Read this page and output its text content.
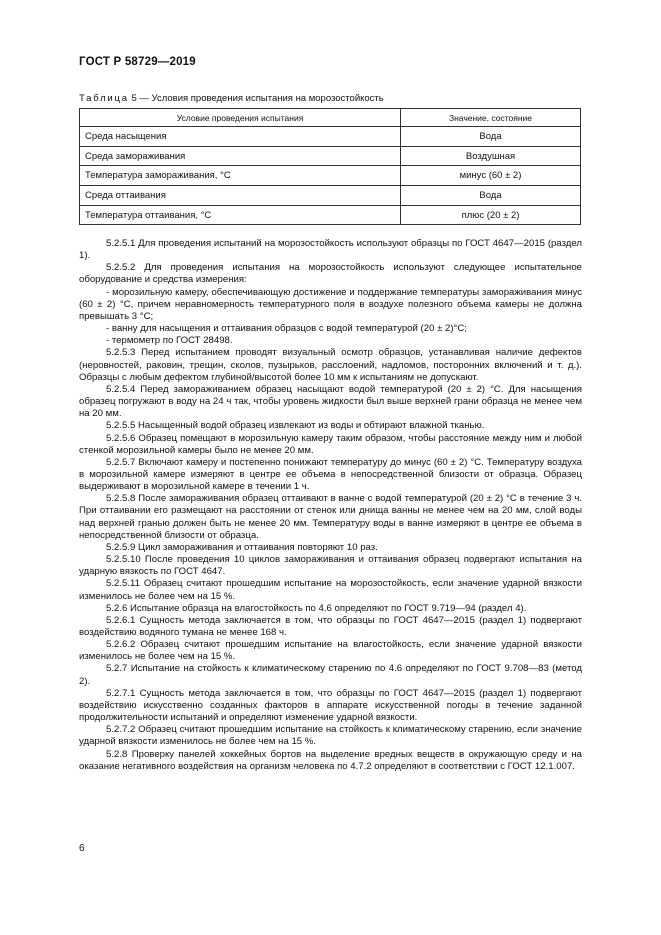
ГОСТ Р 58729—2019
Таблица 5 — Условия проведения испытания на морозостойкость
Условие проведения испытания	Значение, состояние
Среда насыщения	Вода
Среда замораживания	Воздушная
Температура замораживания, °С	минус (60 ± 2)
Среда оттаивания	Вода
Температура оттаивания, °С	плюс (20 ± 2)

5.2.5.1 Для проведения испытаний на морозостойкость используют образцы по ГОСТ 4647—2015 (раздел 1).

5.2.5.2 Для проведения испытания на морозостойкость используют следующее испытательное оборудование и средства измерения:

- морозильную камеру, обеспечивающую достижение и поддержание температуры замораживания минус (60 ± 2) °С, причем неравномерность температурного поля в воздухе полезного объема камеры не должна превышать 3 °С;

- ванну для насыщения и оттаивания образцов с водой температурой (20 ± 2)°С;

- термометр по ГОСТ 28498.

5.2.5.3 Перед испытанием проводят визуальный осмотр образцов, устанавливая наличие дефектов (неровностей, раковин, трещин, сколов, пузырьков, расслоений, надломов, посторонних включений и т. д.). Образцы с любым дефектом глубиной/высотой более 10 мм к испытаниям не допускают.

5.2.5.4 Перед замораживанием образец насыщают водой температурой (20 ± 2) °С. Для насыщения образец погружают в воду на 24 ч так, чтобы уровень жидкости был выше верхней грани образца не менее чем на 20 мм.

5.2.5.5 Насыщенный водой образец извлекают из воды и обтирают влажной тканью.

5.2.5.6 Образец помещают в морозильную камеру таким образом, чтобы расстояние между ним и любой стенкой морозильной камеры было не менее 20 мм.

5.2.5.7 Включают камеру и постепенно понижают температуру до минус (60 ± 2) °С. Температуру воздуха в морозильной камере измеряют в центре ее объема в непосредственной близости от образца. Образец выдерживают в морозильной камере в течении 1 ч.

5.2.5.8 После замораживания образец оттаивают в ванне с водой температурой (20 ± 2) °С в течение 3 ч. При оттаивании его размещают на расстоянии от стенок или днища ванны не менее чем на 20 мм, слой воды над верхней гранью должен быть не менее 20 мм. Температуру воды в ванне измеряют в центре ее объема в непосредственной близости от образца.

5.2.5.9 Цикл замораживания и оттаивания повторяют 10 раз.

5.2.5.10 После проведения 10 циклов замораживания и оттаивания образец подвергают испытания на ударную вязкость по ГОСТ 4647.

5.2.5.11 Образец считают прошедшим испытание на морозостойкость, если значение ударной вязкости изменилось не более чем на 15 %.

5.2.6 Испытание образца на влагостойкость по 4.6 определяют по ГОСТ 9.719—94 (раздел 4).

5.2.6.1 Сущность метода заключается в том, что образцы по ГОСТ 4647—2015 (раздел 1) подвергают воздействию водяного тумана не менее 168 ч.

5.2.6.2 Образец считают прошедшим испытание на влагостойкость, если значение ударной вязкости изменилось не более чем на 15 %.

5.2.7 Испытание на стойкость к климатическому старению по 4.6 определяют по ГОСТ 9.708—83 (метод 2).

5.2.7.1 Сущность метода заключается в том, что образцы по ГОСТ 4647—2015 (раздел 1) подвергают воздействию искусственно созданных факторов в аппарате искусственной погоды в течение заданной продолжительности испытаний и определяют изменение ударной вязкости.

5.2.7.2 Образец считают прошедшим испытание на стойкость к климатическому старению, если значение ударной вязкости изменилось не более чем на 15 %.

5.2.8 Проверку панелей хоккейных бортов на выделение вредных веществ в окружающую среду и на оказание негативного воздействия на организм человека по 4.7.2 определяют в соответствии с ГОСТ 12.1.007.

6
